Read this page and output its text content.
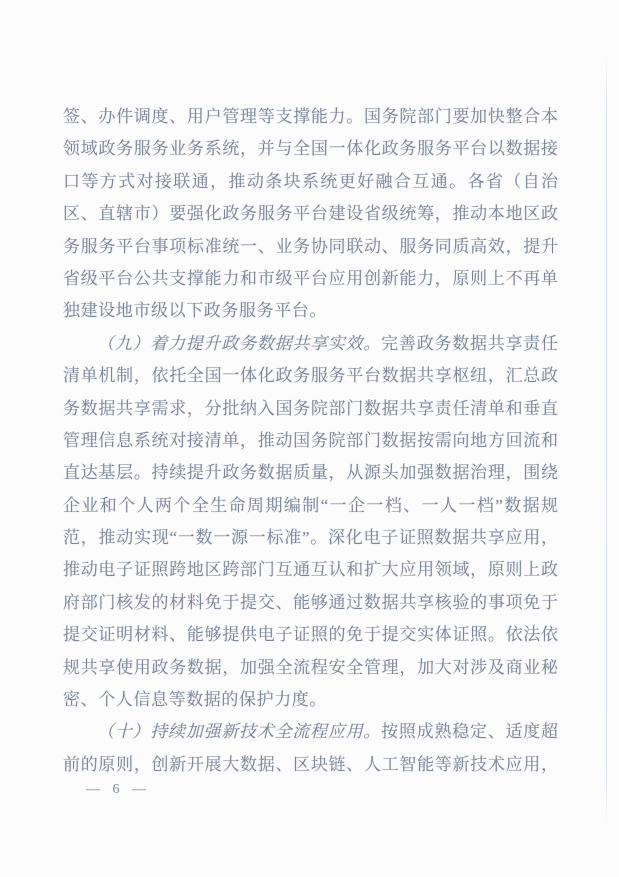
签、办件调度、用户管理等支撑能力。国务院部门要加快整合本
领域政务服务业务系统，并与全国一体化政务服务平台以数据接
口等方式对接联通，推动条块系统更好融合互通。各省（自治
区、直辖市）要强化政务服务平台建设省级统筹，推动本地区政
务服务平台事项标准统一、业务协同联动、服务同质高效，提升
省级平台公共支撑能力和市级平台应用创新能力，原则上不再单
独建设地市级以下政务服务平台。
（九）着力提升政务数据共享实效。完善政务数据共享责任
清单机制，依托全国一体化政务服务平台数据共享枢纽，汇总政
务数据共享需求，分批纳入国务院部门数据共享责任清单和垂直
管理信息系统对接清单，推动国务院部门数据按需向地方回流和
直达基层。持续提升政务数据质量，从源头加强数据治理，围绕
企业和个人两个全生命周期编制“一企一档、一人一档”数据规
范，推动实现“一数一源一标准”。深化电子证照数据共享应用，
推动电子证照跨地区跨部门互通互认和扩大应用领域，原则上政
府部门核发的材料免于提交、能够通过数据共享核验的事项免于
提交证明材料、能够提供电子证照的免于提交实体证照。依法依
规共享使用政务数据，加强全流程安全管理，加大对涉及商业秘
密、个人信息等数据的保护力度。
（十）持续加强新技术全流程应用。按照成熟稳定、适度超
前的原则，创新开展大数据、区块链、人工智能等新技术应用，
— 6 —
